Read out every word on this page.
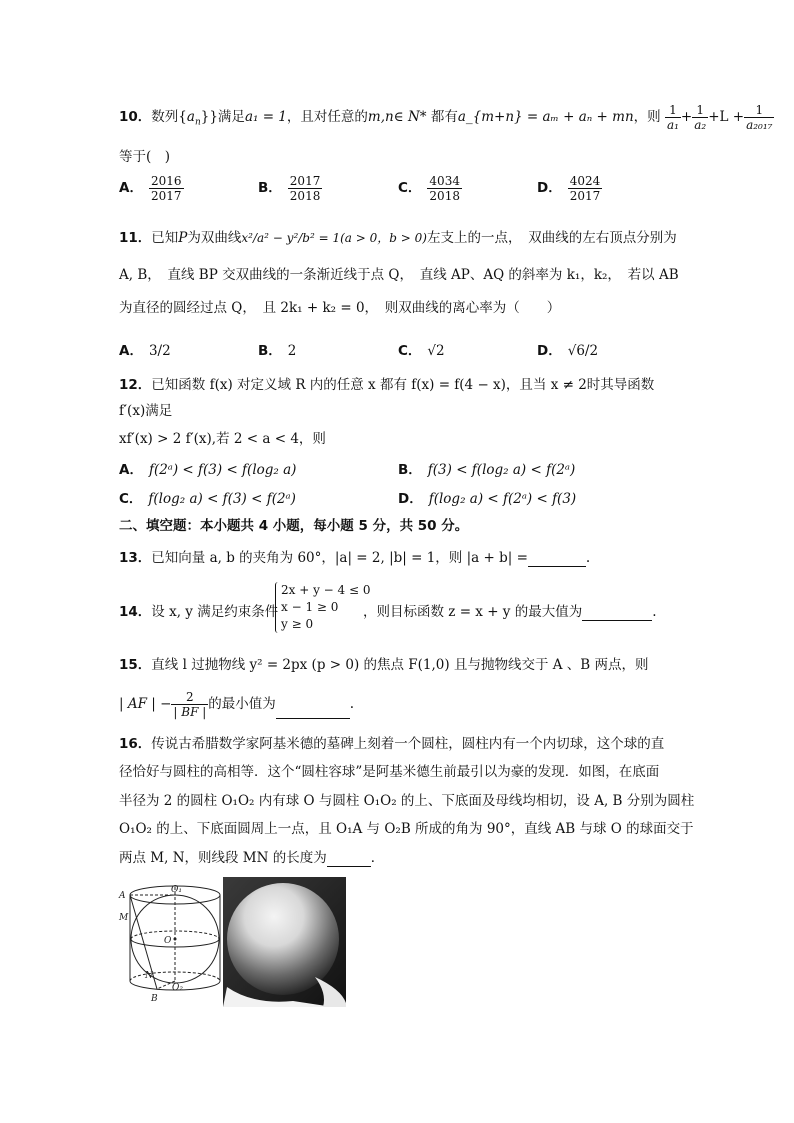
10．数列$\{a_n\}$}满足a₁ = 1，且对任意的m,n∈ N* 都有a_{m+n} = aₘ + aₙ + mn，则 $\frac{1}{\text{a₁}} + \frac{1}{\text{a₂}} +L + \frac{1}{\text{a₂₀₁₇}}$
等于(　)
A． $\frac{2016}{2017}$	B． $\frac{2017}{2018}$	C． $\frac{4034}{2018}$	D． $\frac{4024}{2017}$
11．已知P为双曲线x²/a² − y²/b² = 1(a > 0，b > 0)左支上的一点，　双曲线的左右顶点分别为
A, B，　直线 BP 交双曲线的一条渐近线于点 Q，　直线 AP、AQ 的斜率为 k₁，k₂，　若以 AB
为直径的圆经过点 Q，　且 2k₁ + k₂ = 0，　则双曲线的离心率为（　　）
A． 3/2	B． 2	C． √2	D． √6/2
12．已知函数 f(x) 对定义域 R 内的任意 x 都有 f(x) = f(4 − x)，且当 x ≠ 2时其导函数
f′(x)满足
xf′(x) > 2 f′(x),若 2 < a < 4，则
A． f(2ᵃ) < f(3) < f(log₂ a)	B． f(3) < f(log₂ a) < f(2ᵃ)
C． f(log₂ a) < f(3) < f(2ᵃ)	D． f(log₂ a) < f(2ᵃ) < f(3)
二、填空题：本小题共 4 小题，每小题 5 分，共 50 分。
13．已知向量 a, b 的夹角为 60°，|a| = 2, |b| = 1，则 |a + b| =	.
14．设 x, y 满足约束条件
2x + y − 4 ≤ 0
x − 1 ≥ 0
y ≥ 0
，则目标函数 z = x + y 的最大值为	.
15．直线 l 过抛物线 y² = 2px (p > 0) 的焦点 F(1,0) 且与抛物线交于 A 、B 两点，则
| AF | − $\frac{2}{| BF |}$ 的最小值为	.
16．传说古希腊数学家阿基米德的墓碑上刻着一个圆柱，圆柱内有一个内切球，这个球的直
径恰好与圆柱的高相等．这个“圆柱容球”是阿基米德生前最引以为豪的发现．如图，在底面
半径为 2 的圆柱 O₁O₂ 内有球 O 与圆柱 O₁O₂ 的上、下底面及母线均相切，设 A, B 分别为圆柱
O₁O₂ 的上、下底面圆周上一点，且 O₁A 与 O₂B 所成的角为 90°，直线 AB 与球 O 的球面交于
两点 M, N，则线段 MN 的长度为	．
A
M
O₁
O
N
O₂
B
